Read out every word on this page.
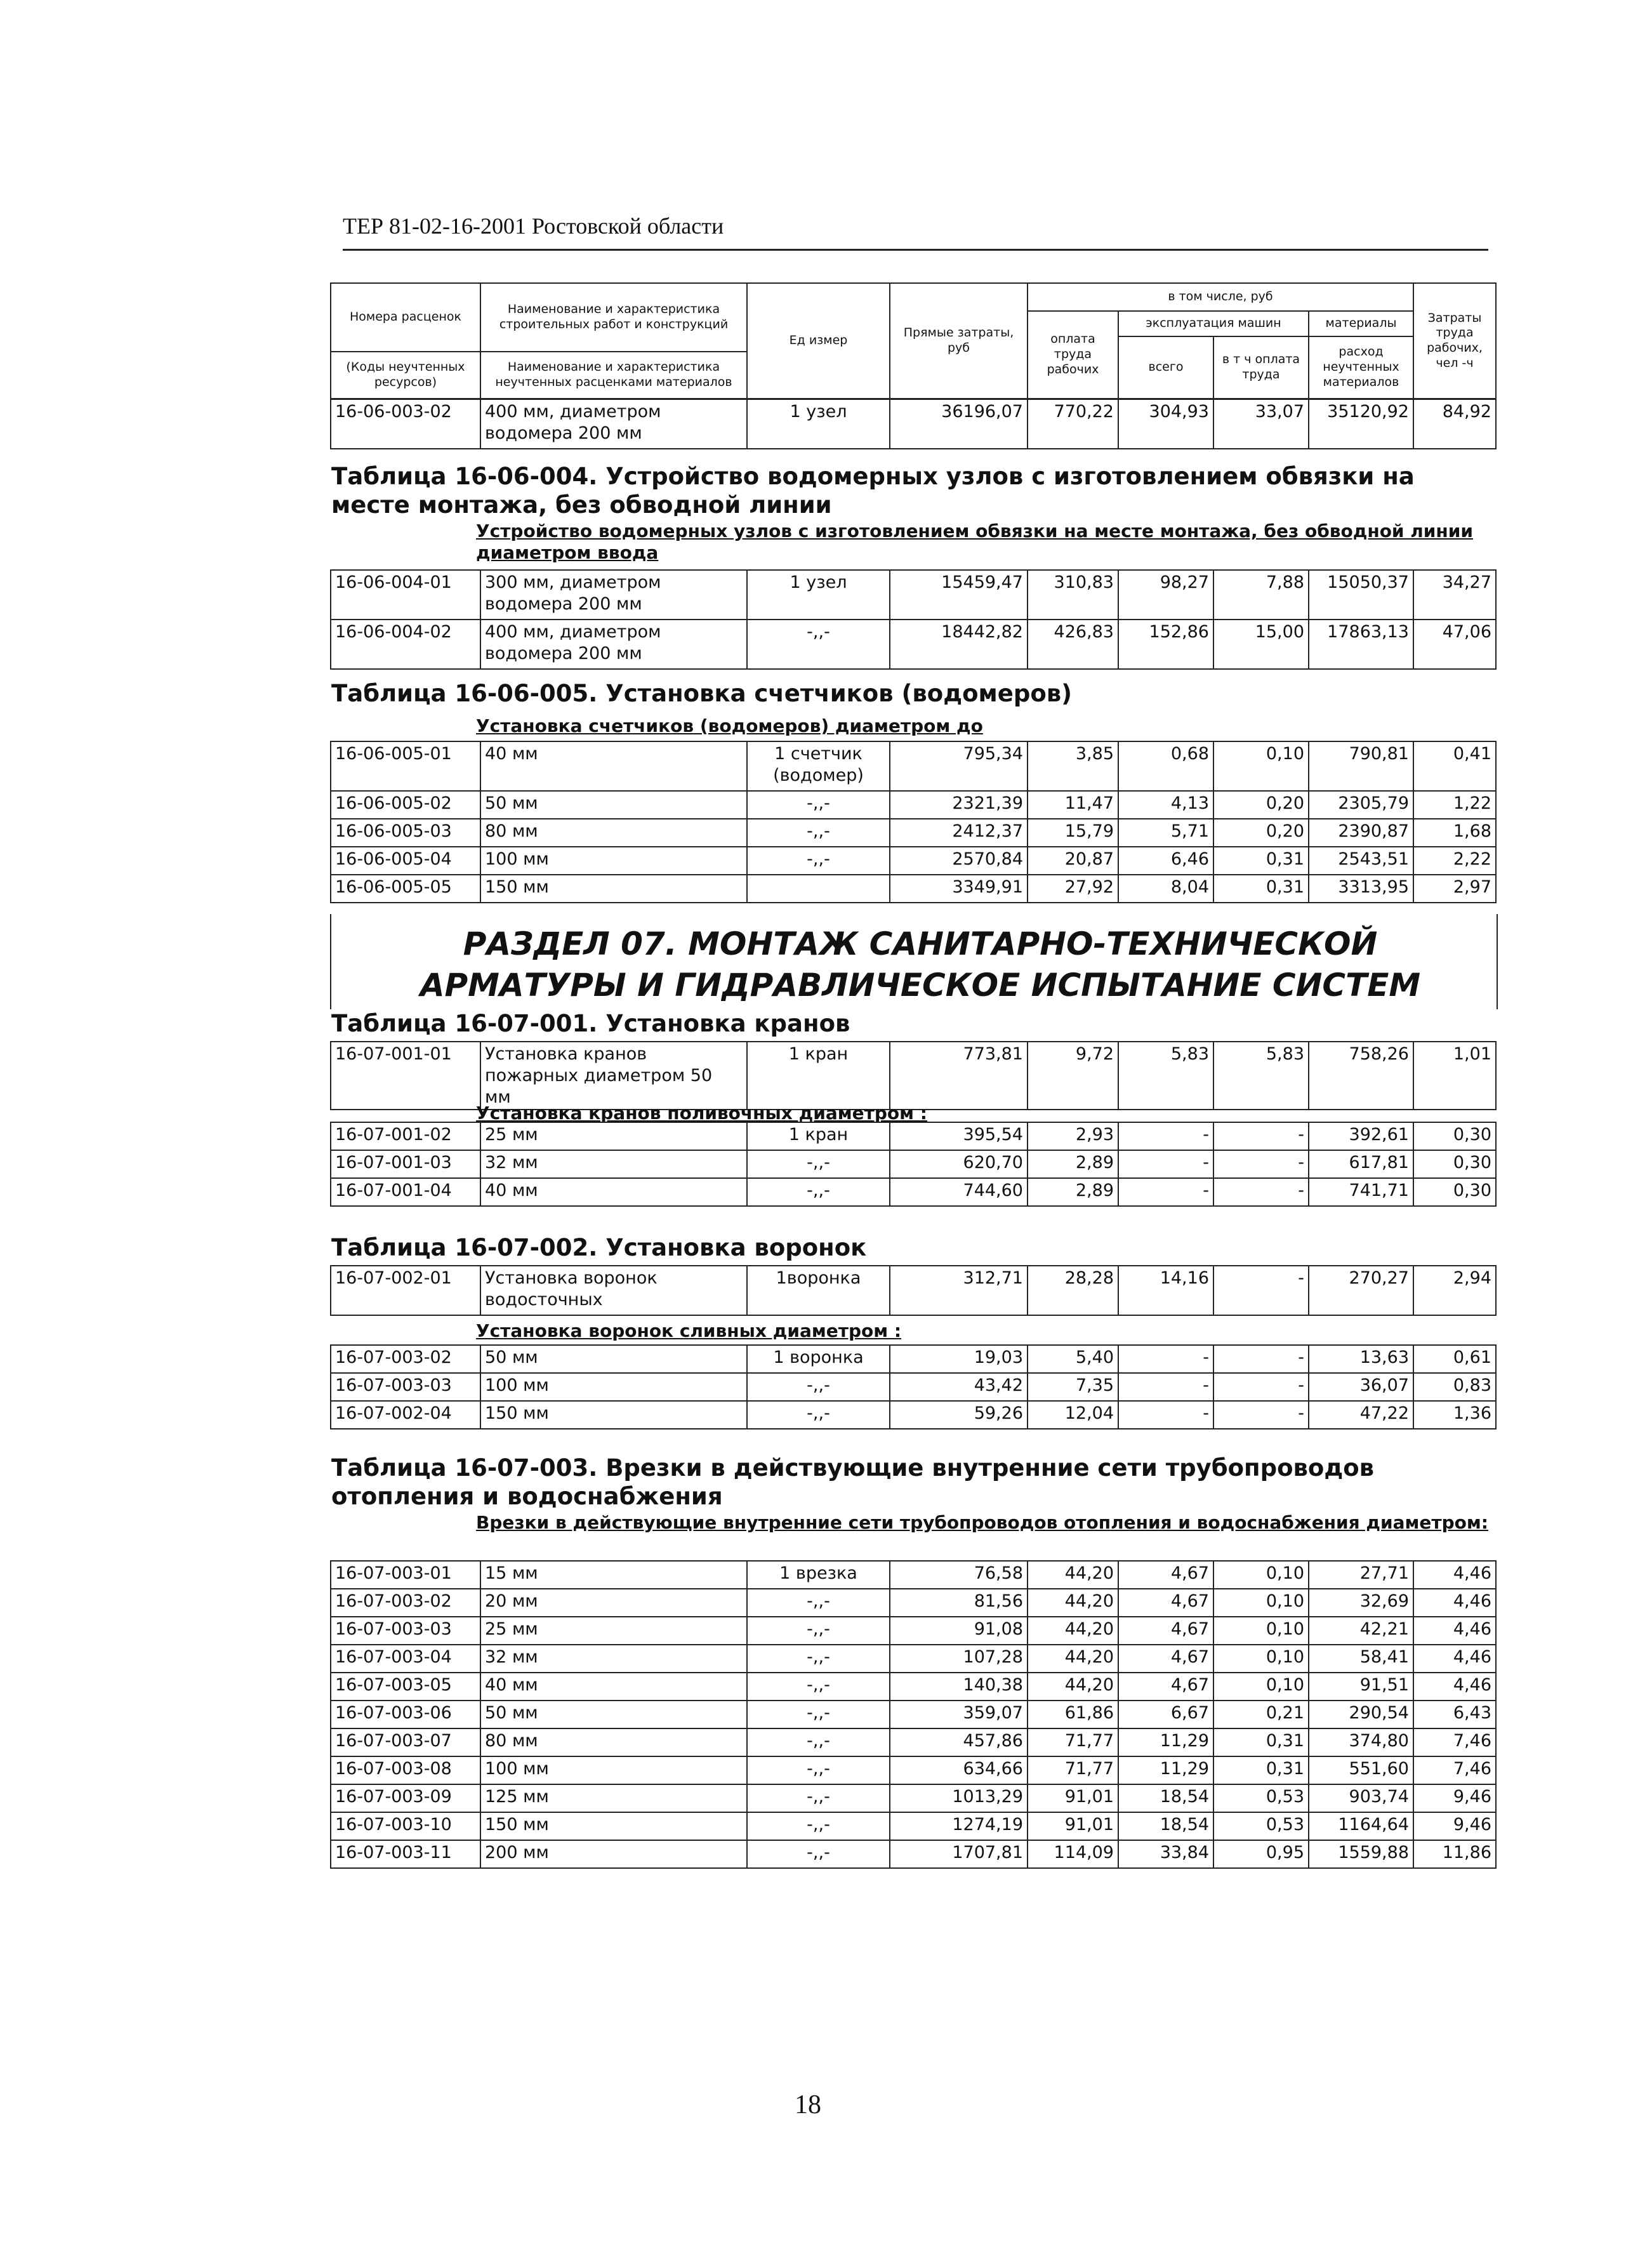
ТЕР 81-02-16-2001 Ростовской области
Номера расценок	Наименование и характеристика строительных работ и конструкций	Ед измер	Прямые затраты, руб	в том числе, руб				Затраты труда рабочих, чел -ч
				оплата труда рабочих	эксплуатация машин		материалы	
					всего	в т ч оплата труда	расход неучтенных материалов	
(Коды неучтенных ресурсов)	Наименование и характеристика неучтенных расценками материалов							

16-06-003-02	400 мм, диаметром водомера 200 мм	1 узел	36196,07	770,22	304,93	33,07	35120,92	84,92
Таблица 16-06-004. Устройство водомерных узлов с изготовлением обвязки на месте монтажа, без обводной линии
Устройство водомерных узлов с изготовлением обвязки на месте монтажа, без обводной линии диаметром ввода
16-06-004-01	300 мм, диаметром водомера 200 мм	1 узел	15459,47	310,83	98,27	7,88	15050,37	34,27
16-06-004-02	400 мм, диаметром водомера 200 мм	-,,-	18442,82	426,83	152,86	15,00	17863,13	47,06
Таблица 16-06-005. Установка счетчиков (водомеров)
Установка счетчиков (водомеров) диаметром до
16-06-005-01	40 мм	1 счетчик (водомер)	795,34	3,85	0,68	0,10	790,81	0,41
16-06-005-02	50 мм	-,,-	2321,39	11,47	4,13	0,20	2305,79	1,22
16-06-005-03	80 мм	-,,-	2412,37	15,79	5,71	0,20	2390,87	1,68
16-06-005-04	100 мм	-,,-	2570,84	20,87	6,46	0,31	2543,51	2,22
16-06-005-05	150 мм		3349,91	27,92	8,04	0,31	3313,95	2,97
РАЗДЕЛ 07. МОНТАЖ САНИТАРНО-ТЕХНИЧЕСКОЙ АРМАТУРЫ И ГИДРАВЛИЧЕСКОЕ ИСПЫТАНИЕ СИСТЕМ
Таблица 16-07-001. Установка кранов
16-07-001-01	Установка кранов пожарных диаметром 50 мм	1 кран	773,81	9,72	5,83	5,83	758,26	1,01
Установка кранов поливочных диаметром :
16-07-001-02	25 мм	1 кран	395,54	2,93	-	-	392,61	0,30
16-07-001-03	32 мм	-,,-	620,70	2,89	-	-	617,81	0,30
16-07-001-04	40 мм	-,,-	744,60	2,89	-	-	741,71	0,30
Таблица 16-07-002. Установка воронок
16-07-002-01	Установка воронок водосточных	1воронка	312,71	28,28	14,16	-	270,27	2,94
Установка воронок сливных диаметром :
16-07-003-02	50 мм	1 воронка	19,03	5,40	-	-	13,63	0,61
16-07-003-03	100 мм	-,,-	43,42	7,35	-	-	36,07	0,83
16-07-002-04	150 мм	-,,-	59,26	12,04	-	-	47,22	1,36
Таблица 16-07-003. Врезки в действующие внутренние сети трубопроводов отопления и водоснабжения
Врезки в действующие внутренние сети трубопроводов отопления и водоснабжения диаметром:
16-07-003-01	15 мм	1 врезка	76,58	44,20	4,67	0,10	27,71	4,46
16-07-003-02	20 мм	-,,-	81,56	44,20	4,67	0,10	32,69	4,46
16-07-003-03	25 мм	-,,-	91,08	44,20	4,67	0,10	42,21	4,46
16-07-003-04	32 мм	-,,-	107,28	44,20	4,67	0,10	58,41	4,46
16-07-003-05	40 мм	-,,-	140,38	44,20	4,67	0,10	91,51	4,46
16-07-003-06	50 мм	-,,-	359,07	61,86	6,67	0,21	290,54	6,43
16-07-003-07	80 мм	-,,-	457,86	71,77	11,29	0,31	374,80	7,46
16-07-003-08	100 мм	-,,-	634,66	71,77	11,29	0,31	551,60	7,46
16-07-003-09	125 мм	-,,-	1013,29	91,01	18,54	0,53	903,74	9,46
16-07-003-10	150 мм	-,,-	1274,19	91,01	18,54	0,53	1164,64	9,46
16-07-003-11	200 мм	-,,-	1707,81	114,09	33,84	0,95	1559,88	11,86
18
